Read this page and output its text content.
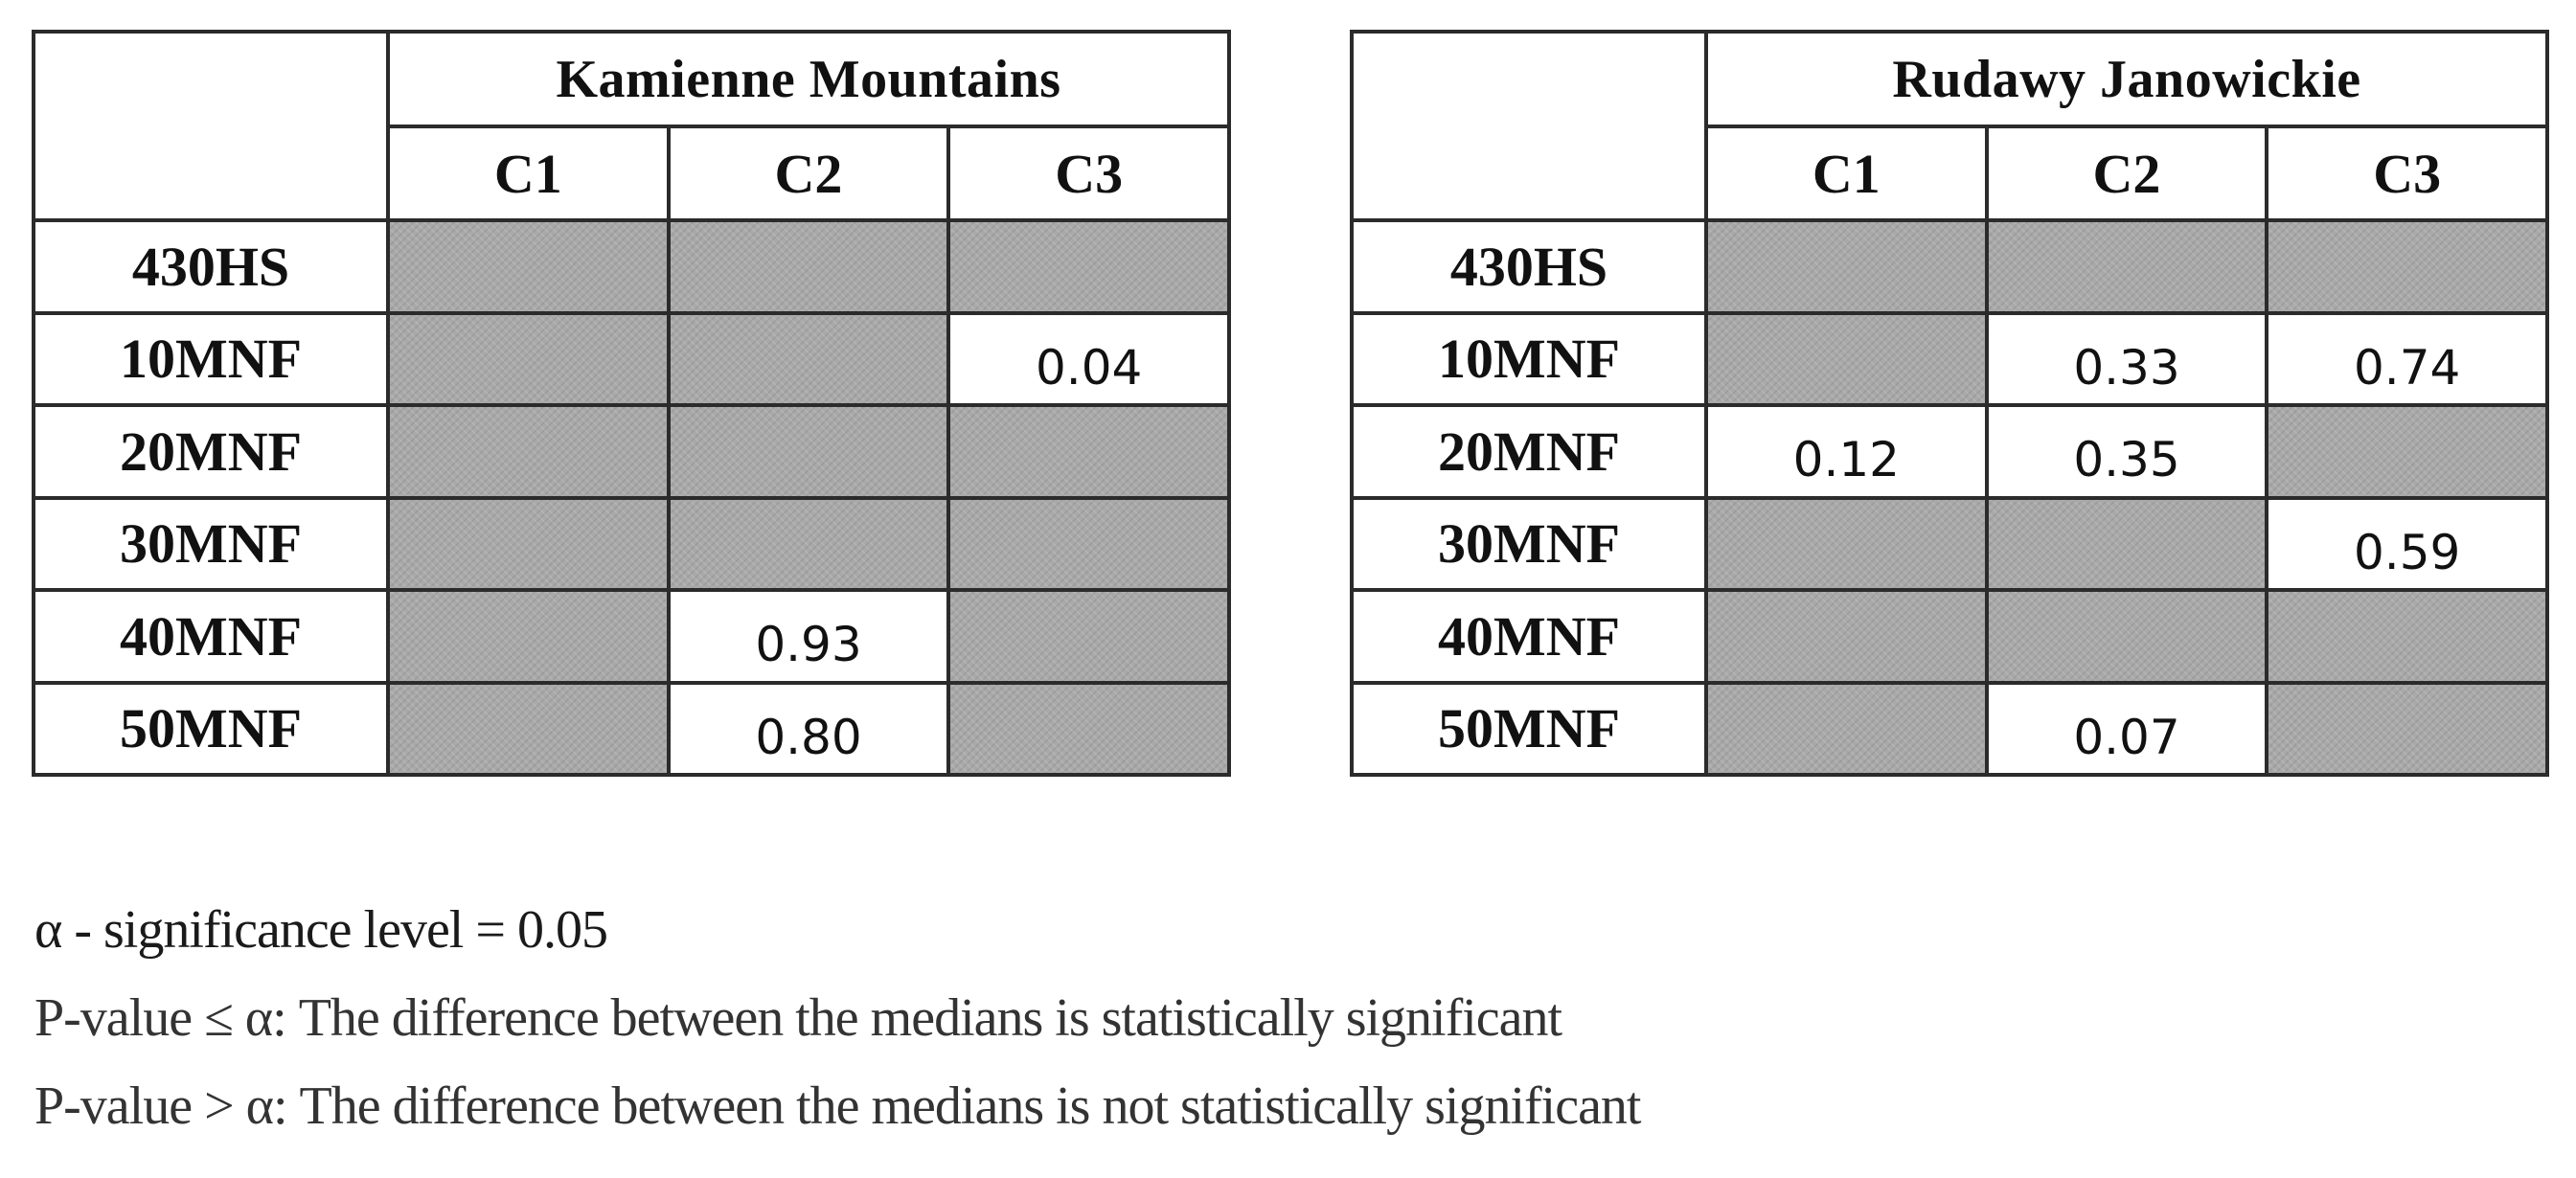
	Kamienne Mountains		
	C1	C2	C3
430HS			
10MNF			0.04
20MNF			
30MNF			
40MNF		0.93	
50MNF		0.80	
	Rudawy Janowickie		
	C1	C2	C3
430HS			
10MNF		0.33	0.74
20MNF	0.12	0.35	
30MNF			0.59
40MNF			
50MNF		0.07	
α - significance level = 0.05
P-value ≤ α: The difference between the medians is statistically significant
P-value > α: The difference between the medians is not statistically significant
